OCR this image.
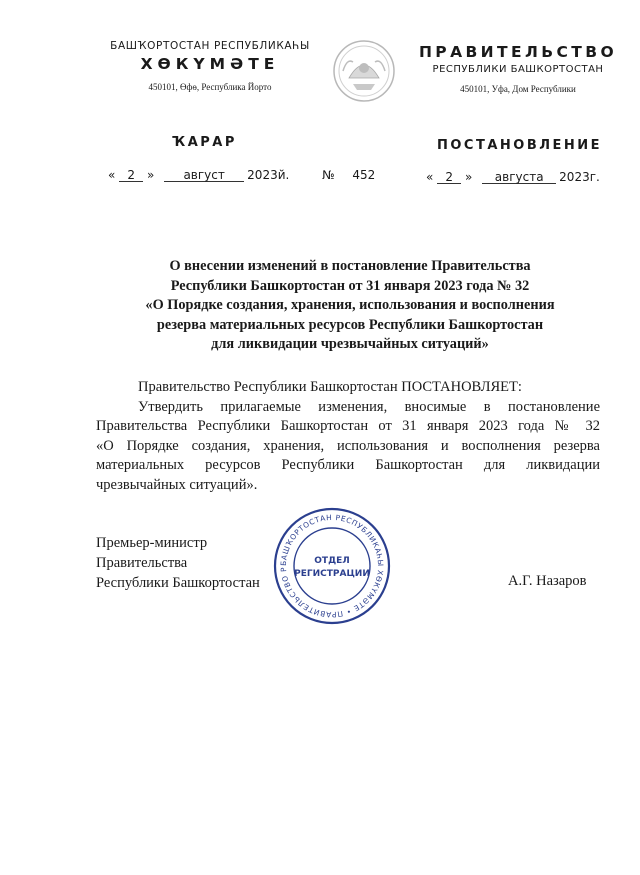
БАШҠОРТОСТАН РЕСПУБЛИКАҺЫ
ХӨКҮМӘТЕ
450101, Өфө, Республика Йорто
ПРАВИТЕЛЬСТВО
РЕСПУБЛИКИ БАШКОРТОСТАН
450101, Уфа, Дом Республики
ҠАРАР	ПОСТАНОВЛЕНИЕ
« 2 » август 2023й.	№ 452	« 2 » августа 2023г.
О внесении изменений в постановление Правительства
Республики Башкортостан от 31 января 2023 года № 32
«О Порядке создания, хранения, использования и восполнения
резерва материальных ресурсов Республики Башкортостан
для ликвидации чрезвычайных ситуаций»

Правительство Республики Башкортостан ПОСТАНОВЛЯЕТ:

Утвердить прилагаемые изменения, вносимые в постановление
Правительства Республики Башкортостан от 31 января 2023 года № 32
«О Порядке создания, хранения, использования и восполнения резерва
материальных ресурсов Республики Башкортостан для ликвидации
чрезвычайных ситуаций».
Премьер-министр
Правительства
Республики Башкортостан	А.Г. Назаров
БАШҠОРТОСТАН РЕСПУБЛИКАҺЫ ХӨКҮМӘТЕ • ПРАВИТЕЛЬСТВО Р
ОТДЕЛ
РЕГИСТРАЦИИ
